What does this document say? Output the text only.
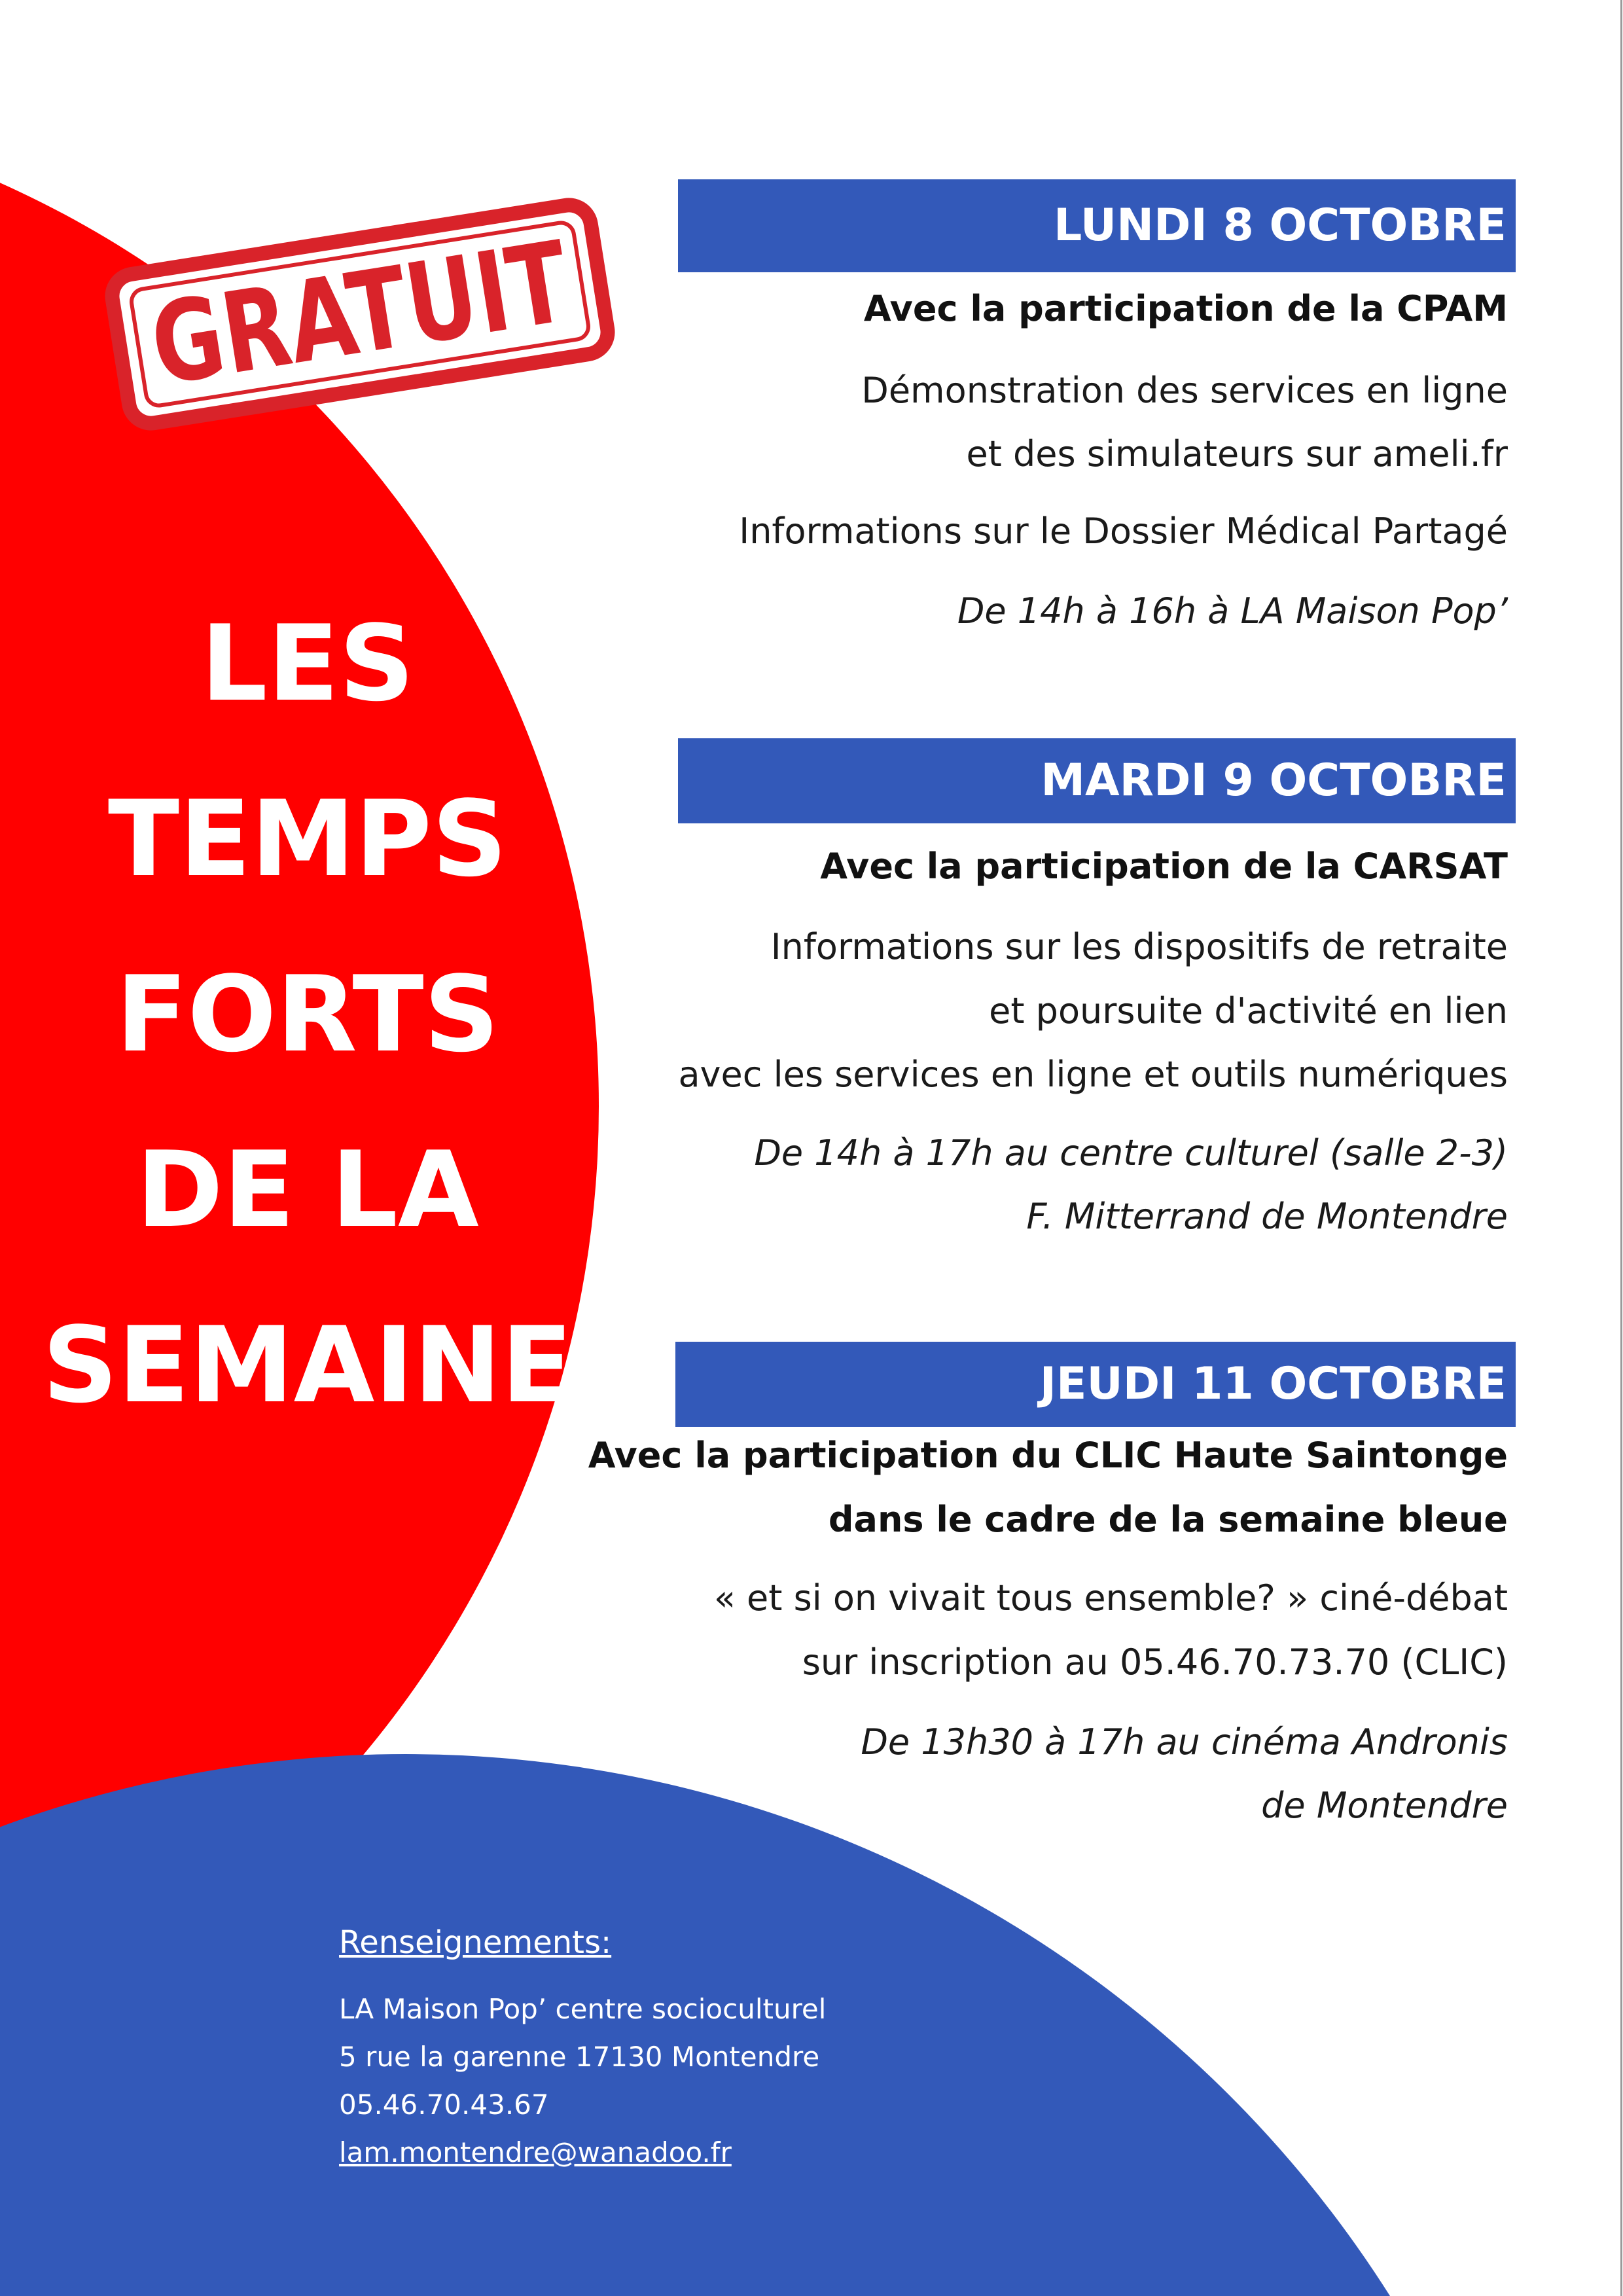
GRATUIT
LES
TEMPS
FORTS
DE LA
SEMAINE
LUNDI 8 OCTOBRE
Avec la participation de la CPAM
Démonstration des services en ligne
et des simulateurs sur ameli.fr
Informations sur le Dossier Médical Partagé
De 14h à 16h à LA Maison Pop’
MARDI 9 OCTOBRE
Avec la participation de la CARSAT
Informations sur les dispositifs de retraite
et poursuite d'activité en lien
avec les services en ligne et outils numériques
De 14h à 17h au centre culturel (salle 2-3)
F. Mitterrand de Montendre
JEUDI 11 OCTOBRE
Avec la participation du CLIC Haute Saintonge
dans le cadre de la semaine bleue
« et si on vivait tous ensemble? » ciné-débat
sur inscription au 05.46.70.73.70 (CLIC)
De 13h30 à 17h au cinéma Andronis
de Montendre
Renseignements:
LA Maison Pop’ centre socioculturel
5 rue la garenne 17130 Montendre
05.46.70.43.67
lam.montendre@wanadoo.fr
